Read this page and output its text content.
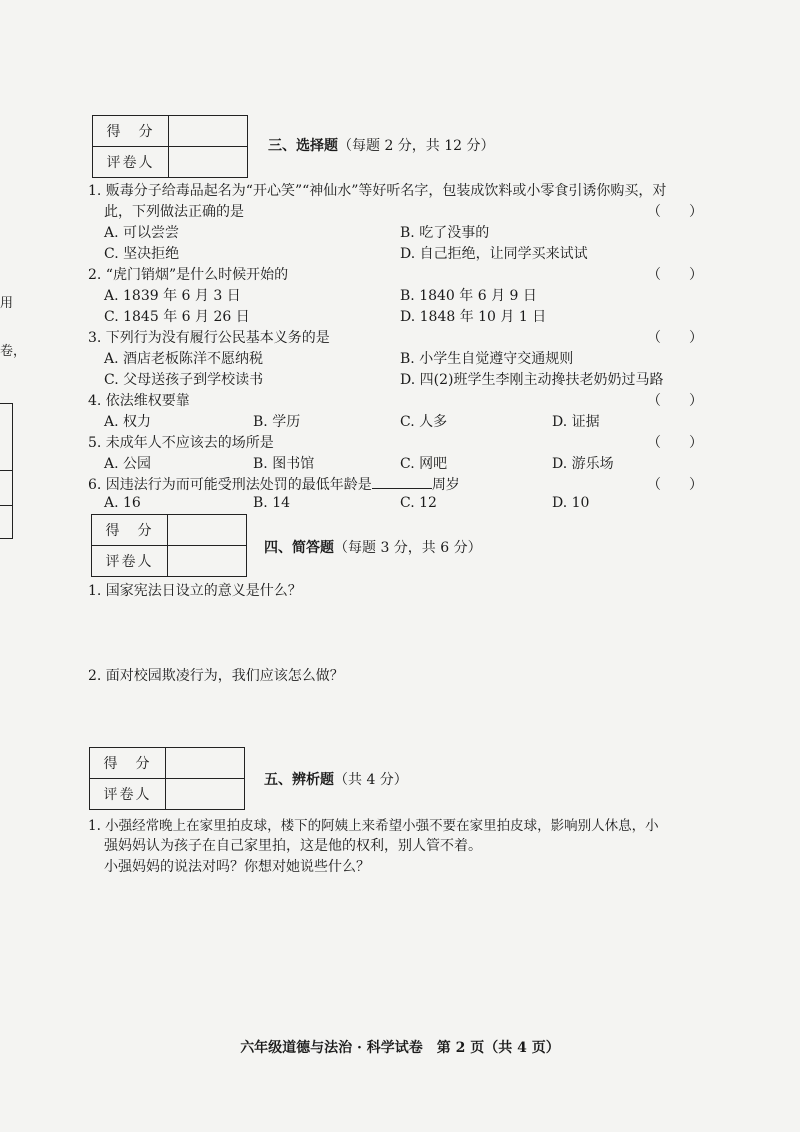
用
卷，
得　分	
评卷人	
三、选择题（每题 2 分，共 12 分）
1. 贩毒分子给毒品起名为“开心笑”“神仙水”等好听名字，包装成饮料或小零食引诱你购买，对
此，下列做法正确的是	（　　）
A. 可以尝尝	B. 吃了没事的
C. 坚决拒绝	D. 自己拒绝，让同学买来试试
2. “虎门销烟”是什么时候开始的	（　　）
A. 1839 年 6 月 3 日	B. 1840 年 6 月 9 日
C. 1845 年 6 月 26 日	D. 1848 年 10 月 1 日
3. 下列行为没有履行公民基本义务的是	（　　）
A. 酒店老板陈洋不愿纳税	B. 小学生自觉遵守交通规则
C. 父母送孩子到学校读书	D. 四(2)班学生李刚主动搀扶老奶奶过马路
4. 依法维权要靠	（　　）
A. 权力	B. 学历	C. 人多	D. 证据
5. 未成年人不应该去的场所是	（　　）
A. 公园	B. 图书馆	C. 网吧	D. 游乐场
6. 因违法行为而可能受刑法处罚的最低年龄是	周岁	（　　）
A. 16	B. 14	C. 12	D. 10
得　分	
评卷人	
四、简答题（每题 3 分，共 6 分）
1. 国家宪法日设立的意义是什么？
2. 面对校园欺凌行为，我们应该怎么做？
得　分	
评卷人	
五、辨析题（共 4 分）
1. 小强经常晚上在家里拍皮球，楼下的阿姨上来希望小强不要在家里拍皮球，影响别人休息，小
强妈妈认为孩子在自己家里拍，这是他的权利，别人管不着。
小强妈妈的说法对吗？你想对她说些什么？
六年级道德与法治 · 科学试卷　第 2 页（共 4 页）
